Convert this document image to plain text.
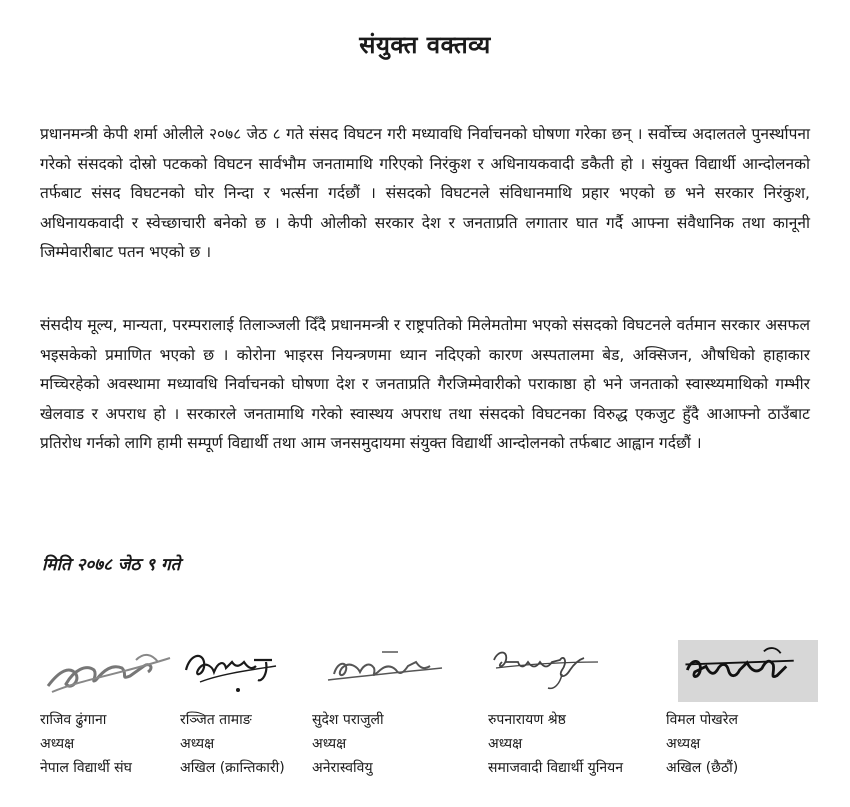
संयुक्त वक्तव्य

प्रधानमन्त्री केपी शर्मा ओलीले २०७८ जेठ ८ गते संसद विघटन गरी मध्यावधि निर्वाचनको घोषणा गरेका छन् । सर्वोच्च अदालतले पुनर्स्थापना गरेको संसदको दोस्रो पटकको विघटन सार्वभौम जनतामाथि गरिएको निरंकुश र अधिनायकवादी डकैती हो । संयुक्त विद्यार्थी आन्दोलनको तर्फबाट संसद विघटनको घोर निन्दा र भर्त्सना गर्दछौं । संसदको विघटनले संविधानमाथि प्रहार भएको छ भने सरकार निरंकुश, अधिनायकवादी र स्वेच्छाचारी बनेको छ । केपी ओलीको सरकार देश र जनताप्रति लगातार घात गर्दै आफ्ना संवैधानिक तथा कानूनी जिम्मेवारीबाट पतन भएको छ ।

संसदीय मूल्य, मान्यता, परम्परालाई तिलाञ्जली दिँदै प्रधानमन्त्री र राष्ट्रपतिको मिलेमतोमा भएको संसदको विघटनले वर्तमान सरकार असफल भइसकेको प्रमाणित भएको छ । कोरोना भाइरस नियन्त्रणमा ध्यान नदिएको कारण अस्पतालमा बेड, अक्सिजन, औषधिको हाहाकार मच्चिरहेको अवस्थामा मध्यावधि निर्वाचनको घोषणा देश र जनताप्रति गैरजिम्मेवारीको पराकाष्ठा हो भने जनताको स्वास्थ्यमाथिको गम्भीर खेलवाड र अपराध हो । सरकारले जनतामाथि गरेको स्वास्थय अपराध तथा संसदको विघटनका विरुद्ध एकजुट हुँदै आआफ्नो ठाउँबाट प्रतिरोध गर्नको लागि हामी सम्पूर्ण विद्यार्थी तथा आम जनसमुदायमा संयुक्त विद्यार्थी आन्दोलनको तर्फबाट आह्वान गर्दछौं ।

मिति २०७८ जेठ ९ गते
राजिव ढुंगाना
अध्यक्ष
नेपाल विद्यार्थी संघ
रञ्जित तामाङ
अध्यक्ष
अखिल (क्रान्तिकारी)
सुदेश पराजुली
अध्यक्ष
अनेरास्ववियु
रुपनारायण श्रेष्ठ
अध्यक्ष
समाजवादी विद्यार्थी युनियन
विमल पोखरेल
अध्यक्ष
अखिल (छैठौं)
